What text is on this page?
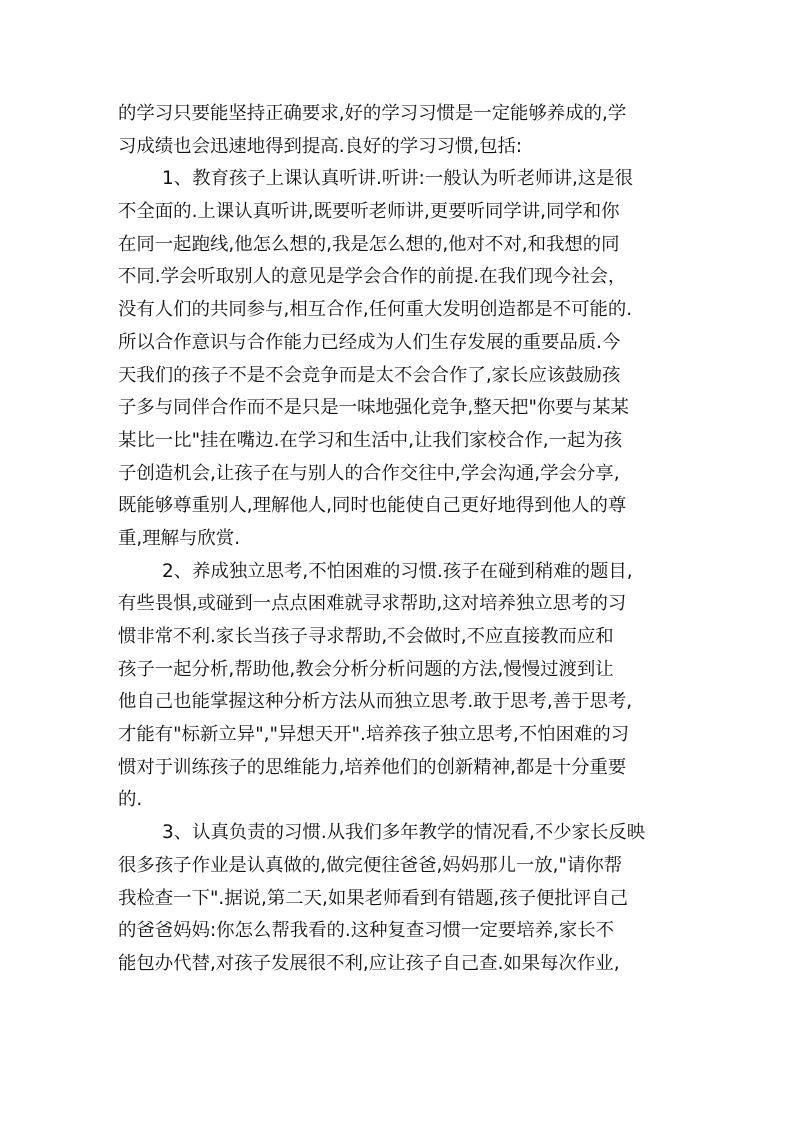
的学习只要能坚持正确要求,好的学习习惯是一定能够养成的,学
习成绩也会迅速地得到提高.良好的学习习惯,包括:
1、教育孩子上课认真听讲.听讲:一般认为听老师讲,这是很
不全面的.上课认真听讲,既要听老师讲,更要听同学讲,同学和你
在同一起跑线,他怎么想的,我是怎么想的,他对不对,和我想的同
不同.学会听取别人的意见是学会合作的前提.在我们现今社会，
没有人们的共同参与,相互合作,任何重大发明创造都是不可能的.
所以合作意识与合作能力已经成为人们生存发展的重要品质.今
天我们的孩子不是不会竞争而是太不会合作了,家长应该鼓励孩
子多与同伴合作而不是只是一味地强化竞争,整天把"你要与某某
某比一比"挂在嘴边.在学习和生活中,让我们家校合作,一起为孩
子创造机会,让孩子在与别人的合作交往中,学会沟通,学会分享,
既能够尊重别人,理解他人,同时也能使自己更好地得到他人的尊
重,理解与欣赏.
2、养成独立思考,不怕困难的习惯.孩子在碰到稍难的题目,
有些畏惧,或碰到一点点困难就寻求帮助,这对培养独立思考的习
惯非常不利.家长当孩子寻求帮助,不会做时,不应直接教而应和
孩子一起分析,帮助他,教会分析分析问题的方法,慢慢过渡到让
他自己也能掌握这种分析方法从而独立思考.敢于思考,善于思考,
才能有"标新立异","异想天开".培养孩子独立思考,不怕困难的习
惯对于训练孩子的思维能力,培养他们的创新精神,都是十分重要
的.
3、认真负责的习惯.从我们多年教学的情况看,不少家长反映
很多孩子作业是认真做的,做完便往爸爸,妈妈那儿一放,"请你帮
我检查一下".据说,第二天,如果老师看到有错题,孩子便批评自己
的爸爸妈妈:你怎么帮我看的.这种复查习惯一定要培养,家长不
能包办代替,对孩子发展很不利,应让孩子自己查.如果每次作业,
